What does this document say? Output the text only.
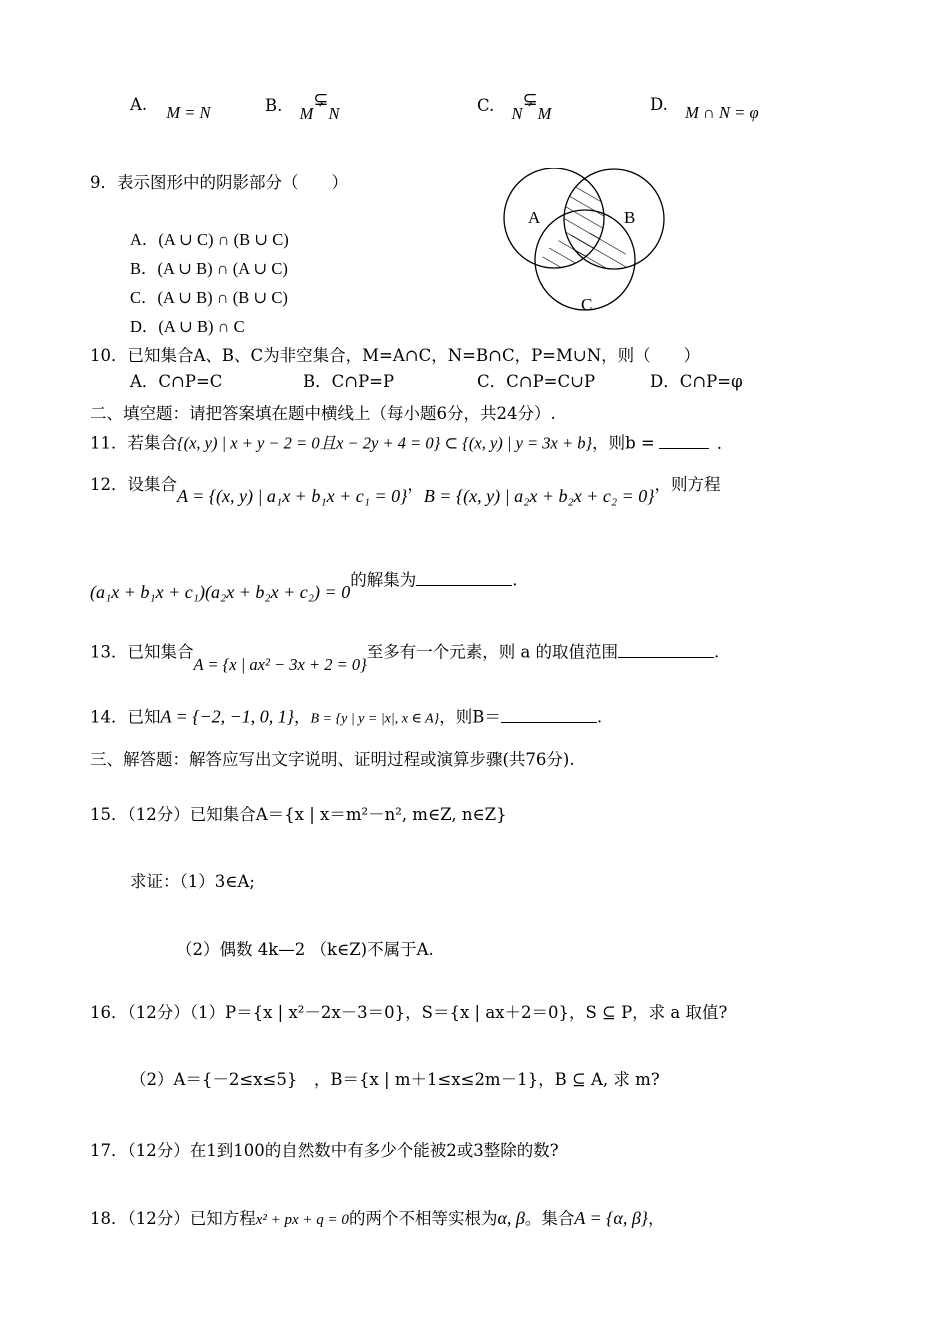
A. M = N	B. M⊊N	C. N⊊M	D. M ∩ N = φ
9．表示图形中的阴影部分（　　）
A．(A ∪ C) ∩ (B ∪ C)
B．(A ∪ B) ∩ (A ∪ C)
C．(A ∪ B) ∩ (B ∪ C)
D．(A ∪ B) ∩ C
A	B
C
10．已知集合A、B、C为非空集合，M=A∩C，N=B∩C，P=M∪N，则（　　）
A．C∩P=C	B．C∩P=P	C．C∩P=C∪P	D．C∩P=φ
二、填空题：请把答案填在题中横线上（每小题6分，共24分）.
11．若集合{(x, y) | x + y − 2 = 0且x − 2y + 4 = 0} ⊂ {(x, y) | y = 3x + b}，则b =	.
12．设集合A = {(x, y) | a₁x + b₁x + c₁ = 0}，B = {(x, y) | a₂x + b₂x + c₂ = 0}，则方程
(a₁x + b₁x + c₁)(a₂x + b₂x + c₂) = 0的解集为	.
13．已知集合A = {x | ax² − 3x + 2 = 0}至多有一个元素，则 a 的取值范围	.
14．已知A = {−2, −1, 0, 1}，B = {y | y = |x|, x ∈ A}，则B＝	.
三、解答题：解答应写出文字说明、证明过程或演算步骤(共76分).
15．（12分）已知集合A＝{x | x＝m²－n², m∈Z, n∈Z}
求证：（1）3∈A;
（2）偶数 4k—2 （k∈Z)不属于A.
16．（12分）（1）P＝{x | x²－2x－3＝0}，S＝{x | ax＋2＝0}，S ⊆ P，求 a 取值?
（2）A＝{－2≤x≤5}　，B＝{x | m＋1≤x≤2m－1}，B ⊆ A, 求 m?
17．（12分）在1到100的自然数中有多少个能被2或3整除的数?
18．（12分）已知方程x² + px + q = 0的两个不相等实根为α, β。集合A = {α, β}，
